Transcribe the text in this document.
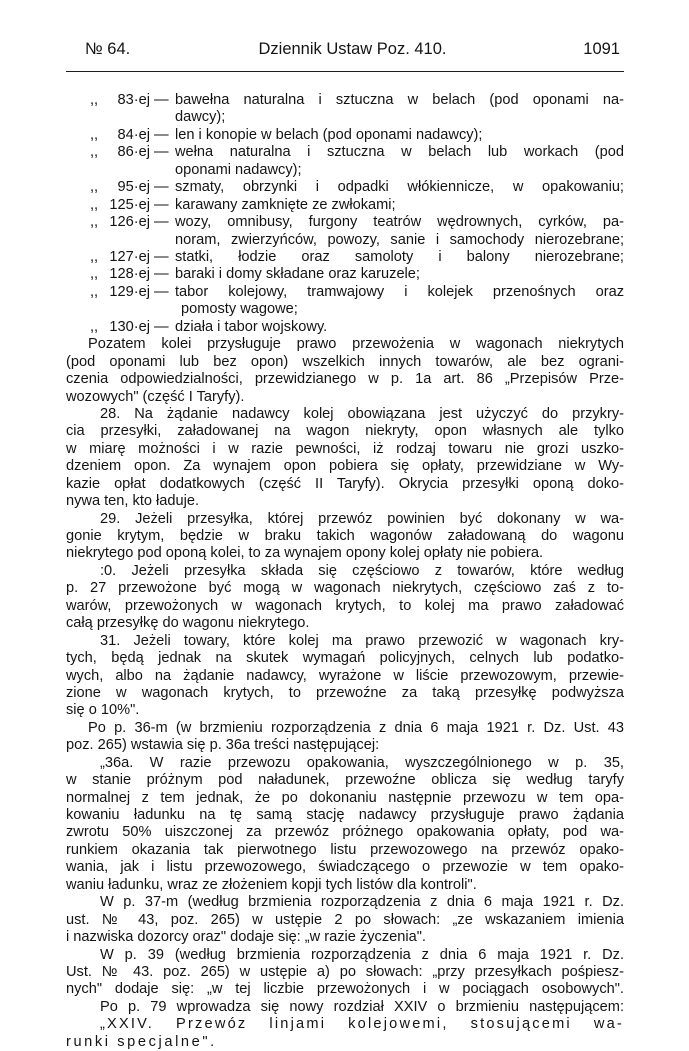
№ 64.	Dziennik Ustaw Poz. 410.	1091
,,	83·ej — bawełna naturalna i sztuczna w belach (pod oponami na-
dawcy);
,,	84·ej — len i konopie w belach (pod oponami nadawcy);
,,	86·ej — wełna naturalna i sztuczna w belach lub workach (pod
oponami nadawcy);
,,	95·ej — szmaty, obrzynki i odpadki włókiennicze, w opakowaniu;
,, 125·ej — karawany zamknięte ze zwłokami;
,, 126·ej — wozy, omnibusy, furgony teatrów wędrownych, cyrków, pa-
noram, zwierzyńców, powozy, sanie i samochody nierozebrane;
,, 127·ej — statki, łodzie oraz samoloty i balony nierozebrane;
,, 128·ej — baraki i domy składane oraz karuzele;
,, 129·ej — tabor kolejowy, tramwajowy i kolejek przenośnych oraz
pomosty wagowe;
,, 130·ej — działa i tabor wojskowy.
Pozatem kolei przysługuje prawo przewożenia w wagonach niekrytych
(pod oponami lub bez opon) wszelkich innych towarów, ale bez ograni-
czenia odpowiedzialności, przewidzianego w p. 1a art. 86 „Przepisów Prze-
wozowych" (część I Taryfy).
28. Na żądanie nadawcy kolej obowiązana jest użyczyć do przykry-
cia przesyłki, załadowanej na wagon niekryty, opon własnych ale tylko
w miarę możności i w razie pewności, iż rodzaj towaru nie grozi uszko-
dzeniem opon. Za wynajem opon pobiera się opłaty, przewidziane w Wy-
kazie opłat dodatkowych (część II Taryfy). Okrycia przesyłki oponą doko-
nywa ten, kto ładuje.
29. Jeżeli przesyłka, której przewóz powinien być dokonany w wa-
gonie krytym, będzie w braku takich wagonów załadowaną do wagonu
niekrytego pod oponą kolei, to za wynajem opony kolej opłaty nie pobiera.
:0. Jeżeli przesyłka składa się częściowo z towarów, które według
p. 27 przewożone być mogą w wagonach niekrytych, częściowo zaś z to-
warów, przewożonych w wagonach krytych, to kolej ma prawo załadować
całą przesyłkę do wagonu niekrytego.
31. Jeżeli towary, które kolej ma prawo przewozić w wagonach kry-
tych, będą jednak na skutek wymagań policyjnych, celnych lub podatko-
wych, albo na żądanie nadawcy, wyrażone w liście przewozowym, przewie-
zione w wagonach krytych, to przewoźne za taką przesyłkę podwyższa
się o 10%".
Po p. 36-m (w brzmieniu rozporządzenia z dnia 6 maja 1921 r. Dz. Ust. 43
poz. 265) wstawia się p. 36a treści następującej:
„36a. W razie przewozu opakowania, wyszczególnionego w p. 35,
w stanie próżnym pod naładunek, przewoźne oblicza się według taryfy
normalnej z tem jednak, że po dokonaniu następnie przewozu w tem opa-
kowaniu ładunku na tę samą stację nadawcy przysługuje prawo żądania
zwrotu 50% uiszczonej za przewóz próżnego opakowania opłaty, pod wa-
runkiem okazania tak pierwotnego listu przewozowego na przewóz opako-
wania, jak i listu przewozowego, świadczącego o przewozie w tem opako-
waniu ładunku, wraz ze złożeniem kopji tych listów dla kontroli".
W p. 37-m (według brzmienia rozporządzenia z dnia 6 maja 1921 r. Dz.
ust. № 43, poz. 265) w ustępie 2 po słowach: „ze wskazaniem imienia
i nazwiska dozorcy oraz" dodaje się: „w razie życzenia".
W p. 39 (według brzmienia rozporządzenia z dnia 6 maja 1921 r. Dz.
Ust. № 43. poz. 265) w ustępie a) po słowach: „przy przesyłkach pośpiesz-
nych" dodaje się: „w tej liczbie przewożonych i w pociągach osobowych".
Po p. 79 wprowadza się nowy rozdział XXIV o brzmieniu następującem:
„XXIV. Przewóz linjami kolejowemi, stosującemi wa-
runki specjalne".
